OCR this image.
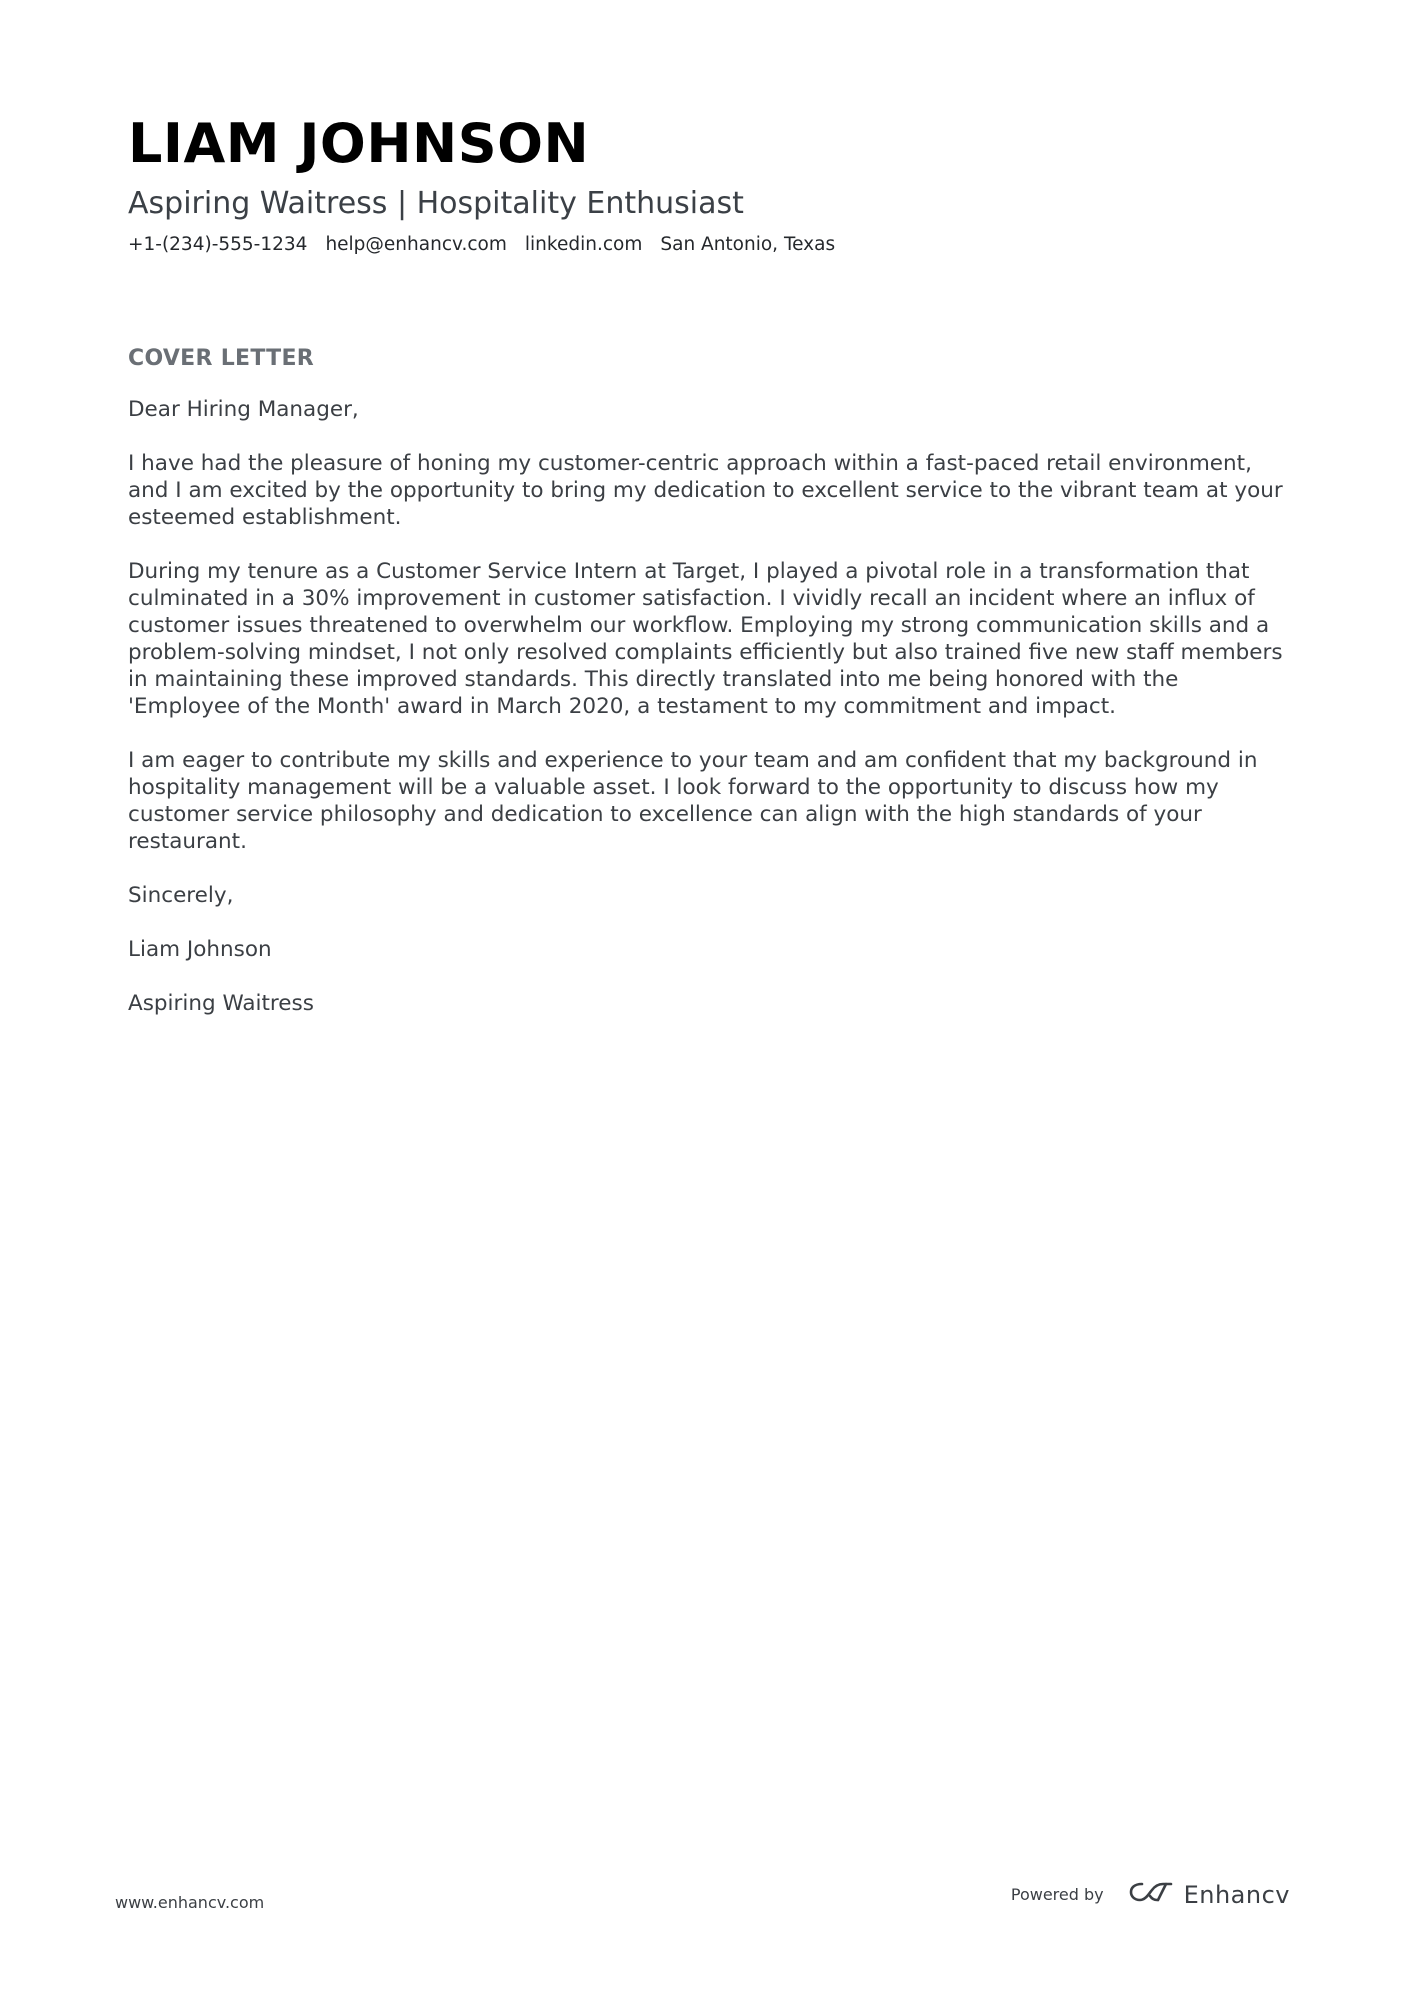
LIAM JOHNSON
Aspiring Waitress | Hospitality Enthusiast
+1-(234)-555-1234 help@enhancv.com linkedin.com San Antonio, Texas
COVER LETTER

Dear Hiring Manager,

I have had the pleasure of honing my customer-centric approach within a fast-paced retail environment, and I am excited by the opportunity to bring my dedication to excellent service to the vibrant team at your esteemed establishment.

During my tenure as a Customer Service Intern at Target, I played a pivotal role in a transformation that culminated in a 30% improvement in customer satisfaction. I vividly recall an incident where an influx of customer issues threatened to overwhelm our workflow. Employing my strong communication skills and a problem-solving mindset, I not only resolved complaints efficiently but also trained five new staff members in maintaining these improved standards. This directly translated into me being honored with the 'Employee of the Month' award in March 2020, a testament to my commitment and impact.

I am eager to contribute my skills and experience to your team and am confident that my background in hospitality management will be a valuable asset. I look forward to the opportunity to discuss how my customer service philosophy and dedication to excellence can align with the high standards of your restaurant.

Sincerely,

Liam Johnson

Aspiring Waitress

www.enhancv.com	Powered by	Enhancv
